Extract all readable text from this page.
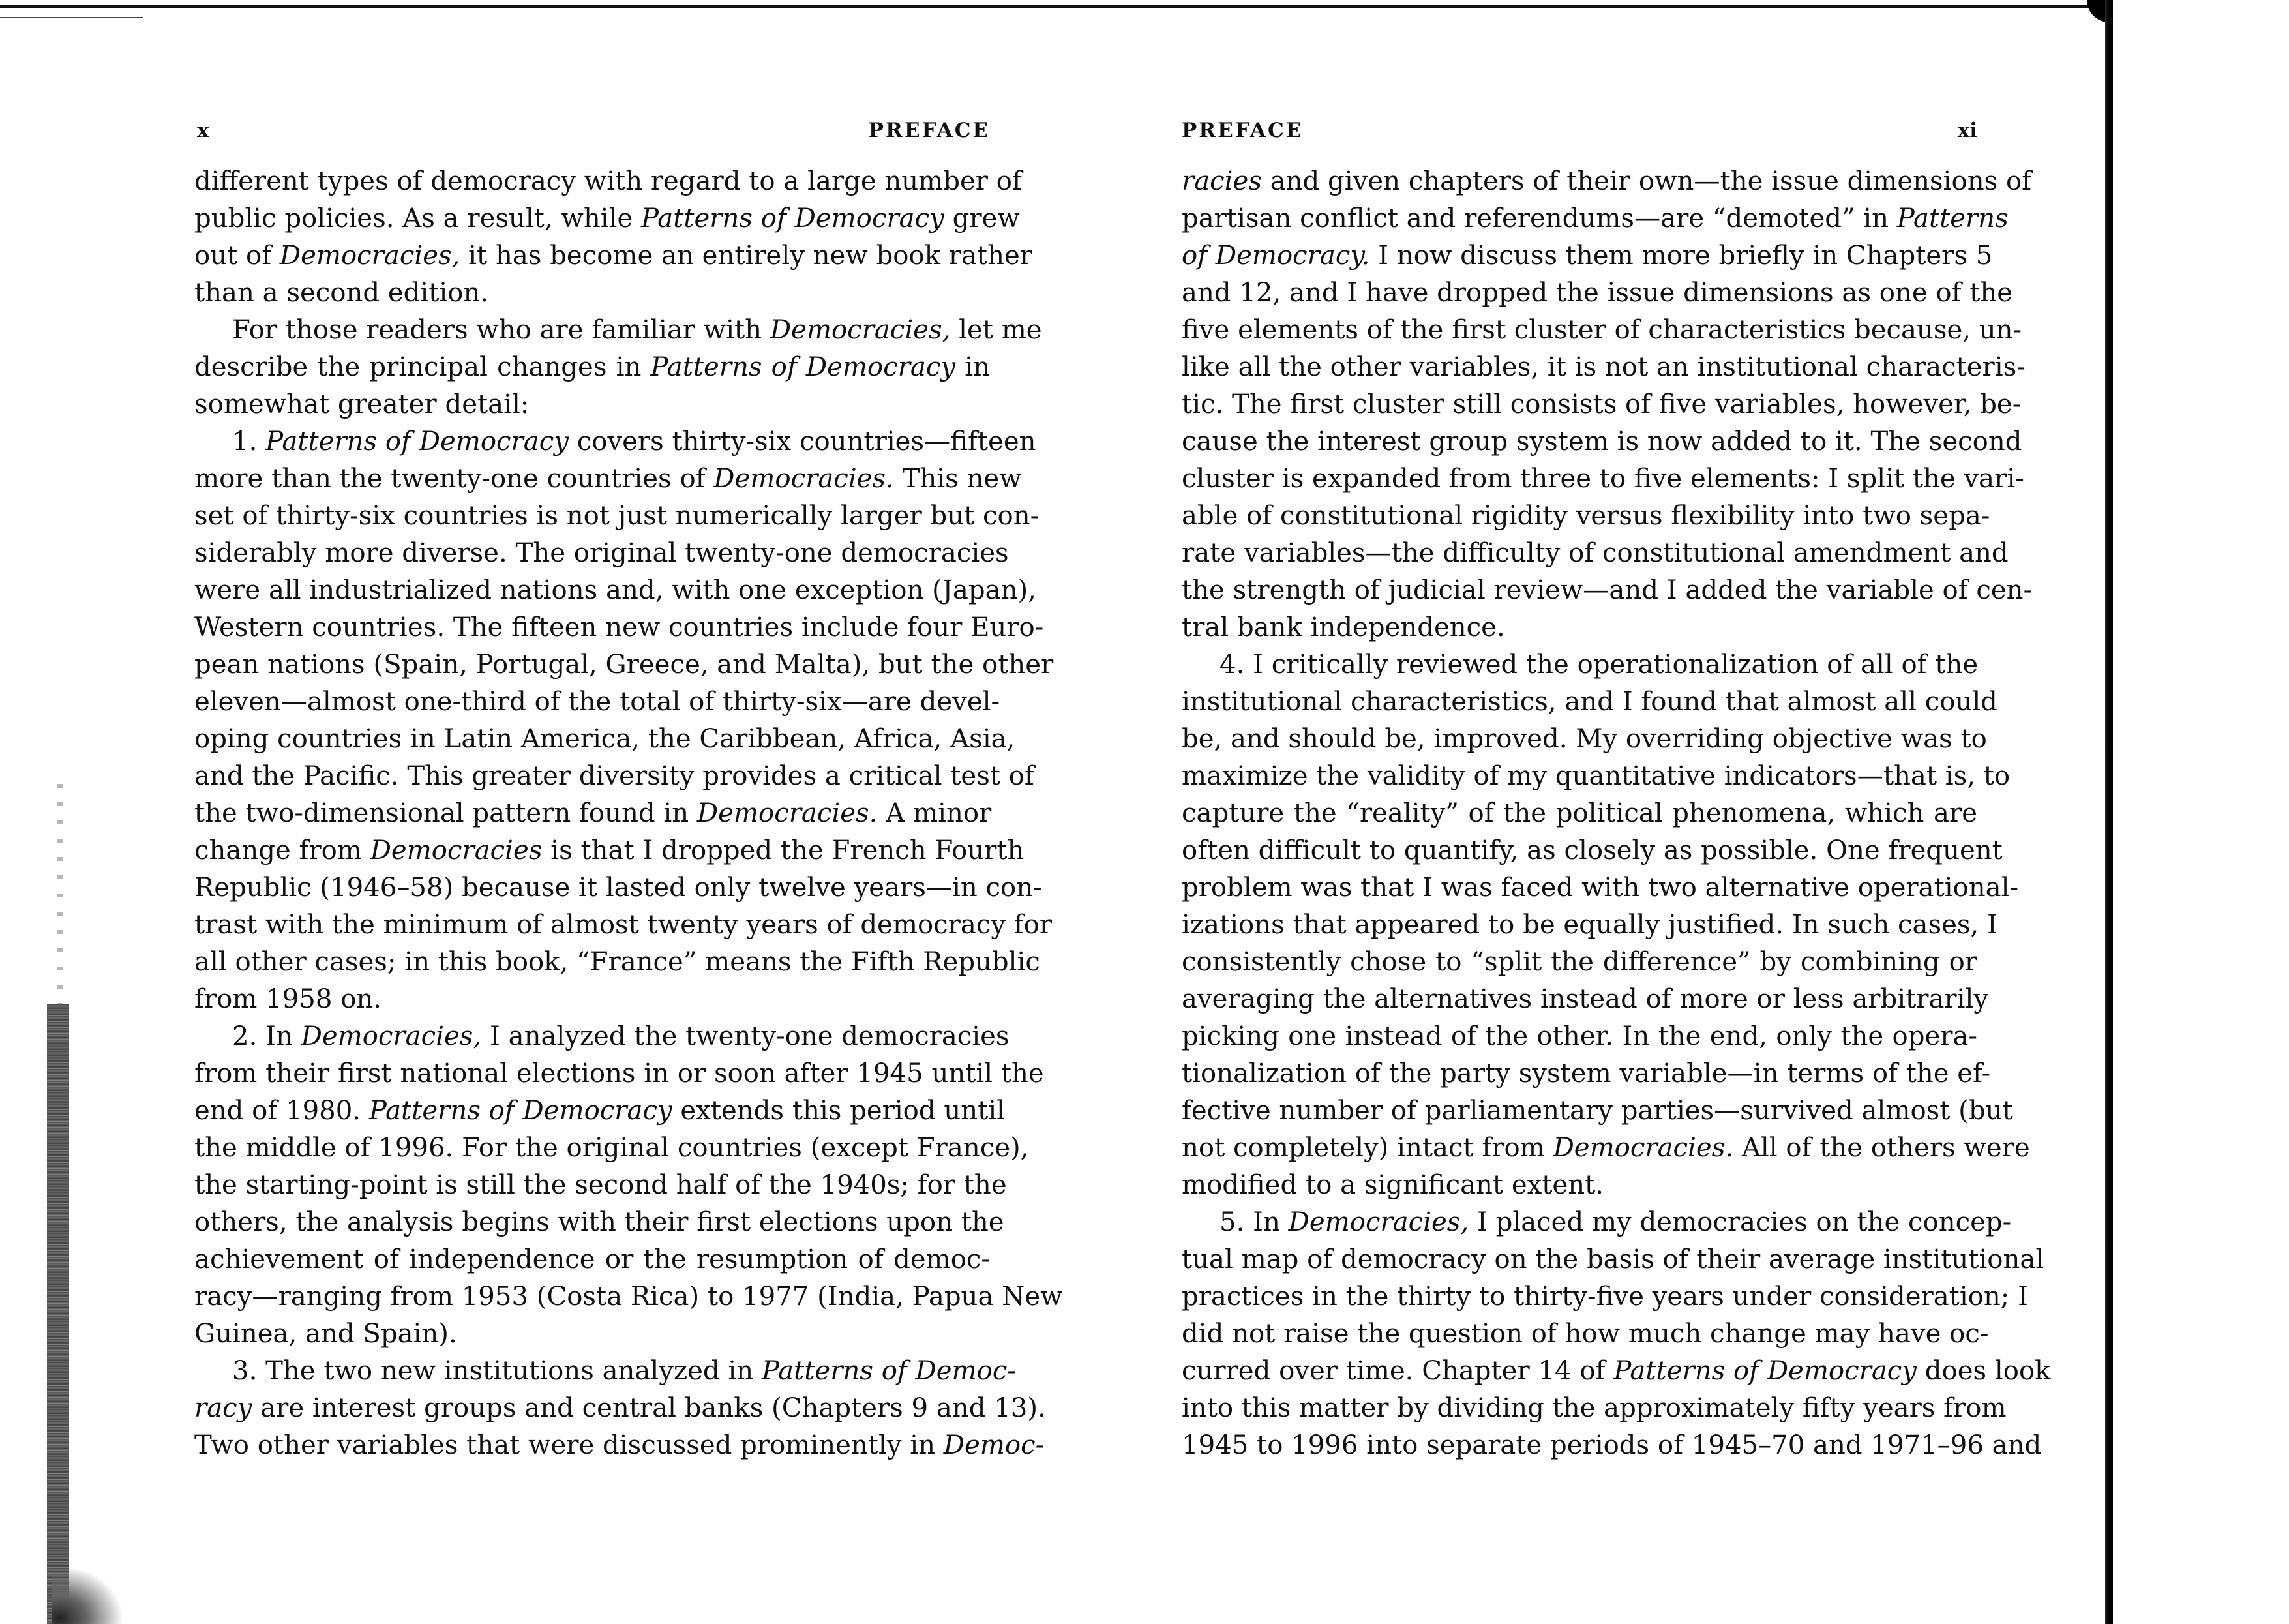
x	PREFACE
different types of democracy with regard to a large number of
public policies. As a result, while Patterns of Democracy grew
out of Democracies, it has become an entirely new book rather
than a second edition.
For those readers who are familiar with Democracies, let me
describe the principal changes in Patterns of Democracy in
somewhat greater detail:
1. Patterns of Democracy covers thirty-six countries—fifteen
more than the twenty-one countries of Democracies. This new
set of thirty-six countries is not just numerically larger but con-
siderably more diverse. The original twenty-one democracies
were all industrialized nations and, with one exception (Japan),
Western countries. The fifteen new countries include four Euro-
pean nations (Spain, Portugal, Greece, and Malta), but the other
eleven—almost one-third of the total of thirty-six—are devel-
oping countries in Latin America, the Caribbean, Africa, Asia,
and the Pacific. This greater diversity provides a critical test of
the two-dimensional pattern found in Democracies. A minor
change from Democracies is that I dropped the French Fourth
Republic (1946–58) because it lasted only twelve years—in con-
trast with the minimum of almost twenty years of democracy for
all other cases; in this book, “France” means the Fifth Republic
from 1958 on.
2. In Democracies, I analyzed the twenty-one democracies
from their first national elections in or soon after 1945 until the
end of 1980. Patterns of Democracy extends this period until
the middle of 1996. For the original countries (except France),
the starting-point is still the second half of the 1940s; for the
others, the analysis begins with their first elections upon the
achievement of independence or the resumption of democ-
racy—ranging from 1953 (Costa Rica) to 1977 (India, Papua New
Guinea, and Spain).
3. The two new institutions analyzed in Patterns of Democ-
racy are interest groups and central banks (Chapters 9 and 13).
Two other variables that were discussed prominently in Democ-
PREFACE	xi
racies and given chapters of their own—the issue dimensions of
partisan conflict and referendums—are “demoted” in Patterns
of Democracy. I now discuss them more briefly in Chapters 5
and 12, and I have dropped the issue dimensions as one of the
five elements of the first cluster of characteristics because, un-
like all the other variables, it is not an institutional characteris-
tic. The first cluster still consists of five variables, however, be-
cause the interest group system is now added to it. The second
cluster is expanded from three to five elements: I split the vari-
able of constitutional rigidity versus flexibility into two sepa-
rate variables—the difficulty of constitutional amendment and
the strength of judicial review—and I added the variable of cen-
tral bank independence.
4. I critically reviewed the operationalization of all of the
institutional characteristics, and I found that almost all could
be, and should be, improved. My overriding objective was to
maximize the validity of my quantitative indicators—that is, to
capture the “reality” of the political phenomena, which are
often difficult to quantify, as closely as possible. One frequent
problem was that I was faced with two alternative operational-
izations that appeared to be equally justified. In such cases, I
consistently chose to “split the difference” by combining or
averaging the alternatives instead of more or less arbitrarily
picking one instead of the other. In the end, only the opera-
tionalization of the party system variable—in terms of the ef-
fective number of parliamentary parties—survived almost (but
not completely) intact from Democracies. All of the others were
modified to a significant extent.
5. In Democracies, I placed my democracies on the concep-
tual map of democracy on the basis of their average institutional
practices in the thirty to thirty-five years under consideration; I
did not raise the question of how much change may have oc-
curred over time. Chapter 14 of Patterns of Democracy does look
into this matter by dividing the approximately fifty years from
1945 to 1996 into separate periods of 1945–70 and 1971–96 and
